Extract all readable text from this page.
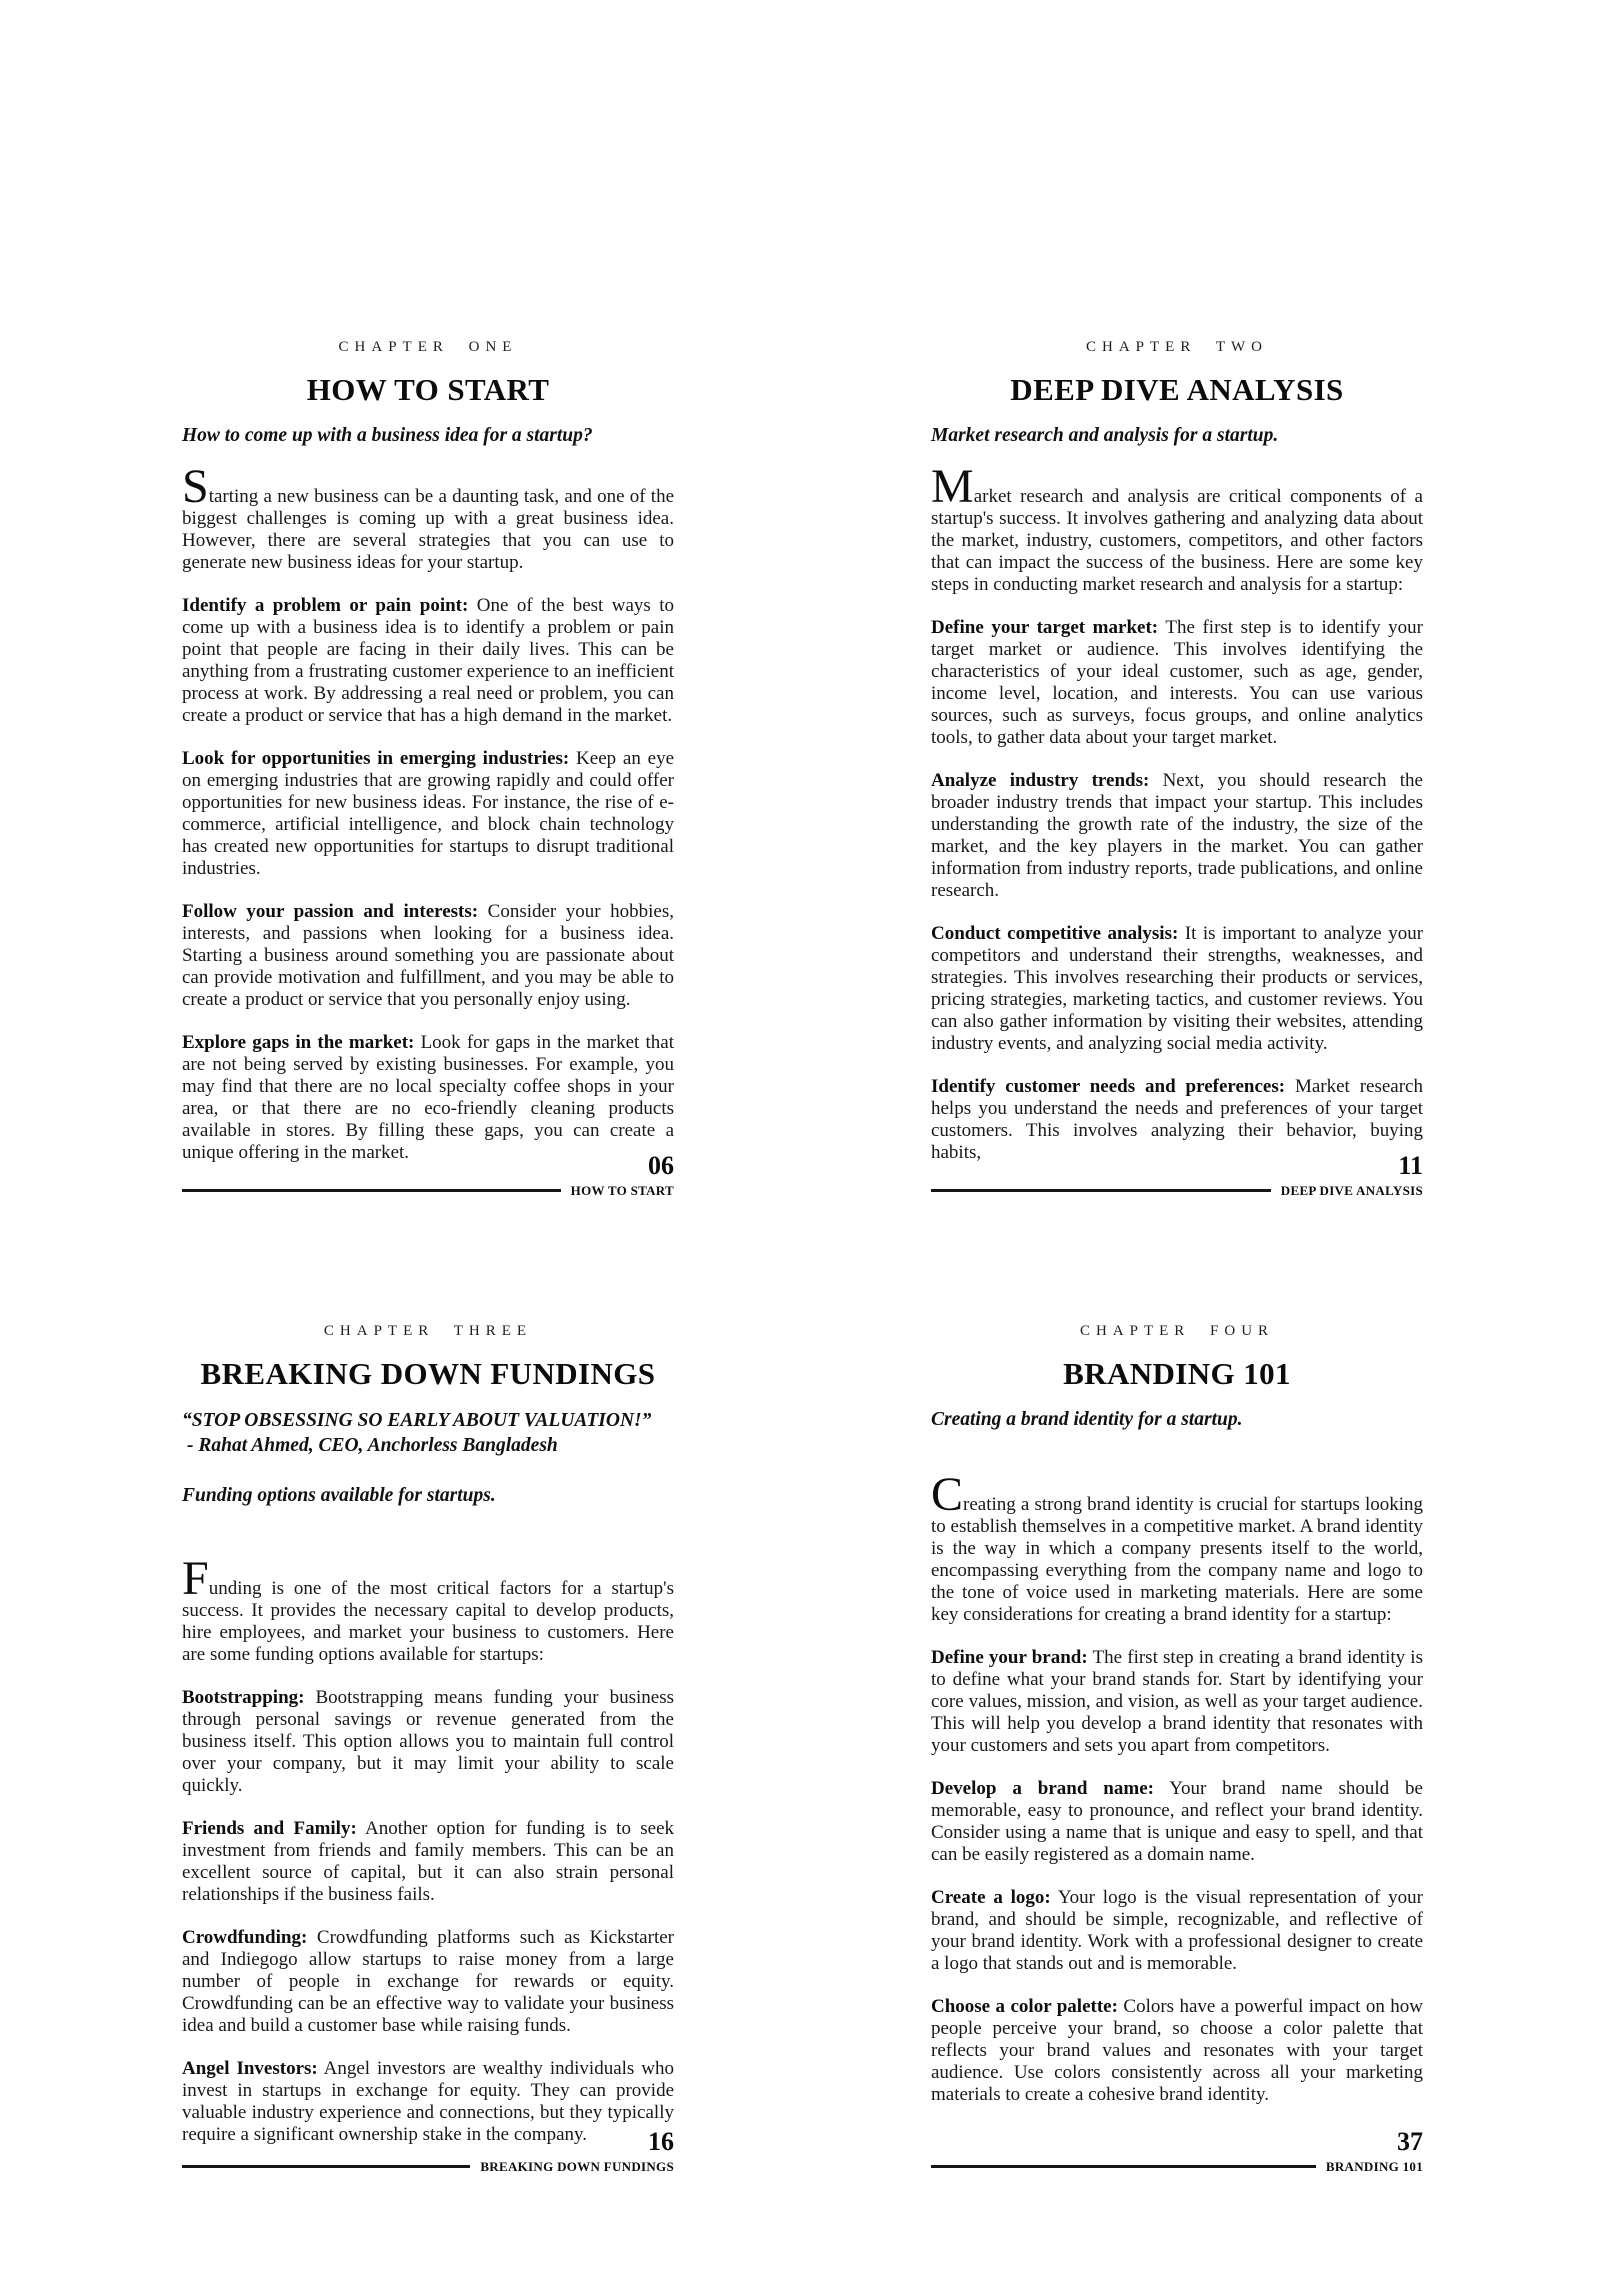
CHAPTER ONE
HOW TO START
How to come up with a business idea for a startup?

Starting a new business can be a daunting task, and one of the biggest challenges is coming up with a great business idea. However, there are several strategies that you can use to generate new business ideas for your startup.

Identify a problem or pain point: One of the best ways to come up with a business idea is to identify a problem or pain point that people are facing in their daily lives. This can be anything from a frustrating customer experience to an inefficient process at work. By addressing a real need or problem, you can create a product or service that has a high demand in the market.

Look for opportunities in emerging industries: Keep an eye on emerging industries that are growing rapidly and could offer opportunities for new business ideas. For instance, the rise of e-commerce, artificial intelligence, and block chain technology has created new opportunities for startups to disrupt traditional industries.

Follow your passion and interests: Consider your hobbies, interests, and passions when looking for a business idea. Starting a business around something you are passionate about can provide motivation and fulfillment, and you may be able to create a product or service that you personally enjoy using.

Explore gaps in the market: Look for gaps in the market that are not being served by existing businesses. For example, you may find that there are no local specialty coffee shops in your area, or that there are no eco-friendly cleaning products available in stores. By filling these gaps, you can create a unique offering in the market.	06
HOW TO START
CHAPTER TWO
DEEP DIVE ANALYSIS
Market research and analysis for a startup.

Market research and analysis are critical components of a startup's success. It involves gathering and analyzing data about the market, industry, customers, competitors, and other factors that can impact the success of the business. Here are some key steps in conducting market research and analysis for a startup:

Define your target market: The first step is to identify your target market or audience. This involves identifying the characteristics of your ideal customer, such as age, gender, income level, location, and interests. You can use various sources, such as surveys, focus groups, and online analytics tools, to gather data about your target market.

Analyze industry trends: Next, you should research the broader industry trends that impact your startup. This includes understanding the growth rate of the industry, the size of the market, and the key players in the market. You can gather information from industry reports, trade publications, and online research.

Conduct competitive analysis: It is important to analyze your competitors and understand their strengths, weaknesses, and strategies. This involves researching their products or services, pricing strategies, marketing tactics, and customer reviews. You can also gather information by visiting their websites, attending industry events, and analyzing social media activity.

Identify customer needs and preferences: Market research helps you understand the needs and preferences of your target customers. This involves analyzing their behavior, buying habits,	11
DEEP DIVE ANALYSIS
CHAPTER THREE
BREAKING DOWN FUNDINGS
“STOP OBSESSING SO EARLY ABOUT VALUATION!”
- Rahat Ahmed, CEO, Anchorless Bangladesh
Funding options available for startups.

Funding is one of the most critical factors for a startup's success. It provides the necessary capital to develop products, hire employees, and market your business to customers. Here are some funding options available for startups:

Bootstrapping: Bootstrapping means funding your business through personal savings or revenue generated from the business itself. This option allows you to maintain full control over your company, but it may limit your ability to scale quickly.

Friends and Family: Another option for funding is to seek investment from friends and family members. This can be an excellent source of capital, but it can also strain personal relationships if the business fails.

Crowdfunding: Crowdfunding platforms such as Kickstarter and Indiegogo allow startups to raise money from a large number of people in exchange for rewards or equity. Crowdfunding can be an effective way to validate your business idea and build a customer base while raising funds.

Angel Investors: Angel investors are wealthy individuals who invest in startups in exchange for equity. They can provide valuable industry experience and connections, but they typically require a significant ownership stake in the company.	16
BREAKING DOWN FUNDINGS
CHAPTER FOUR
BRANDING 101
Creating a brand identity for a startup.

Creating a strong brand identity is crucial for startups looking to establish themselves in a competitive market. A brand identity is the way in which a company presents itself to the world, encompassing everything from the company name and logo to the tone of voice used in marketing materials. Here are some key considerations for creating a brand identity for a startup:

Define your brand: The first step in creating a brand identity is to define what your brand stands for. Start by identifying your core values, mission, and vision, as well as your target audience. This will help you develop a brand identity that resonates with your customers and sets you apart from competitors.

Develop a brand name: Your brand name should be memorable, easy to pronounce, and reflect your brand identity. Consider using a name that is unique and easy to spell, and that can be easily registered as a domain name.

Create a logo: Your logo is the visual representation of your brand, and should be simple, recognizable, and reflective of your brand identity. Work with a professional designer to create a logo that stands out and is memorable.

Choose a color palette: Colors have a powerful impact on how people perceive your brand, so choose a color palette that reflects your brand values and resonates with your target audience. Use colors consistently across all your marketing materials to create a cohesive brand identity.

37
BRANDING 101
